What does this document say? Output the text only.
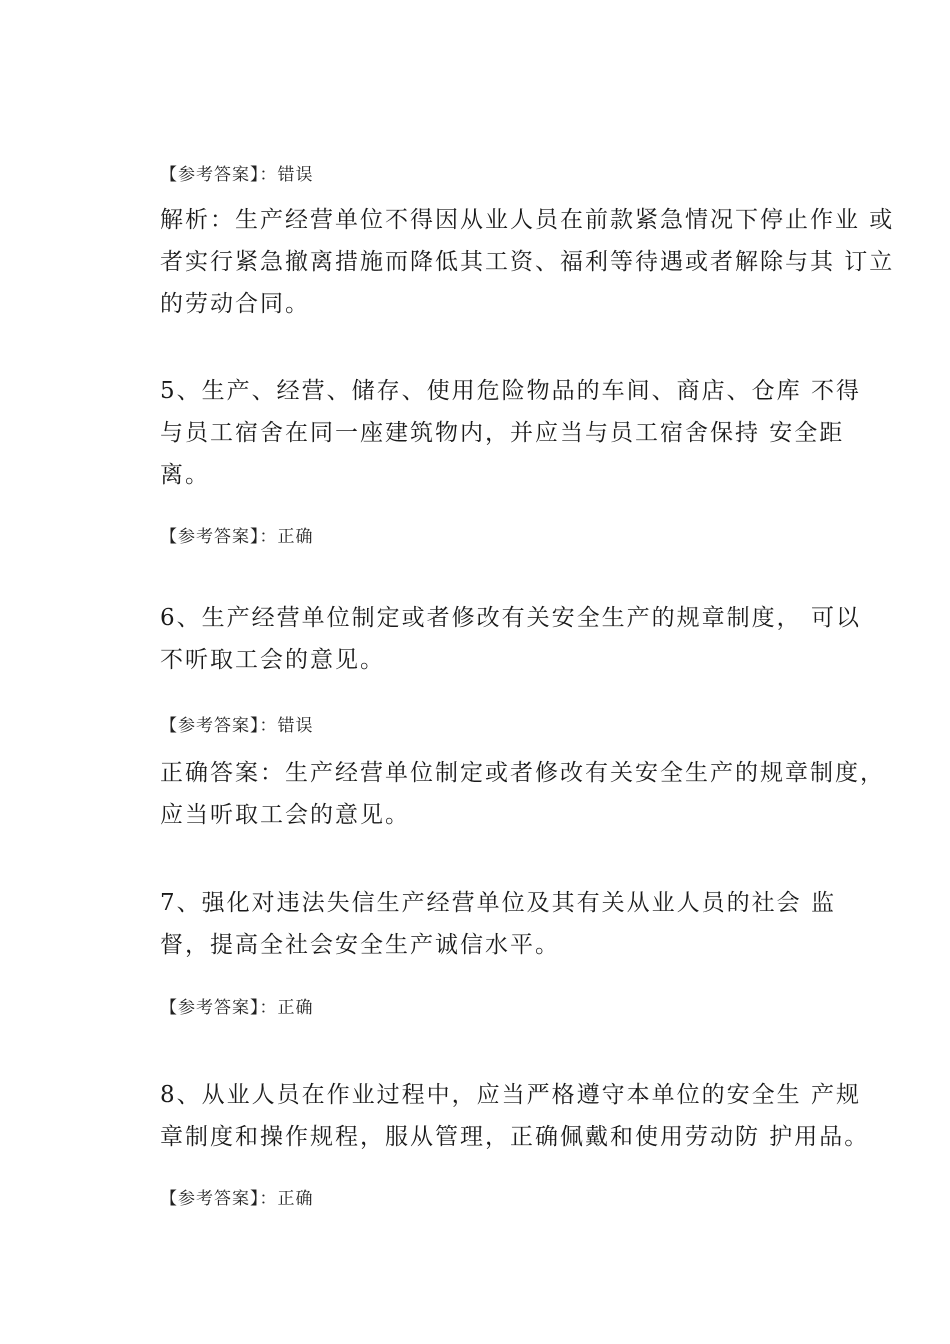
【参考答案】：错误

解析：生产经营单位不得因从业人员在前款紧急情况下停止作业 或
者实行紧急撤离措施而降低其工资、福利等待遇或者解除与其 订立
的劳动合同。

5、生产、经营、储存、使用危险物品的车间、商店、仓库 不得
与员工宿舍在同一座建筑物内，并应当与员工宿舍保持 安全距
离。

【参考答案】：正确

6、生产经营单位制定或者修改有关安全生产的规章制度， 可以
不听取工会的意见。

【参考答案】：错误

正确答案：生产经营单位制定或者修改有关安全生产的规章制度，
应当听取工会的意见。

7、强化对违法失信生产经营单位及其有关从业人员的社会 监
督，提高全社会安全生产诚信水平。
【参考答案】：正确
8、从业人员在作业过程中，应当严格遵守本单位的安全生 产规
章制度和操作规程，服从管理，正确佩戴和使用劳动防 护用品。
【参考答案】：正确
